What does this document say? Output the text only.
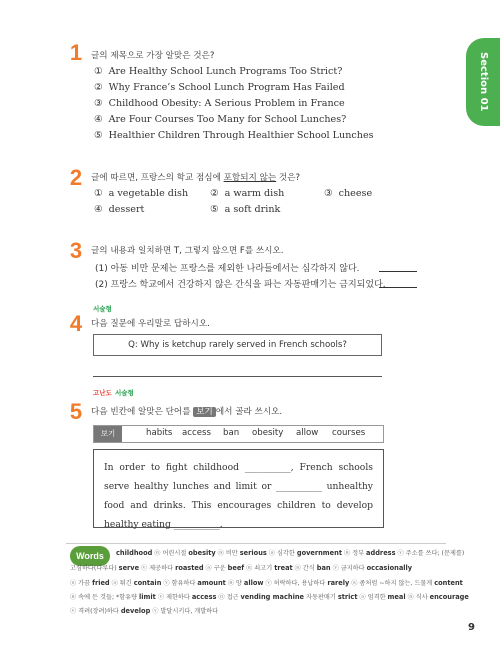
Section 01
1	글의 제목으로 가장 알맞은 것은?
① Are Healthy School Lunch Programs Too Strict?
② Why France’s School Lunch Program Has Failed
③ Childhood Obesity: A Serious Problem in France
④ Are Four Courses Too Many for School Lunches?
⑤ Healthier Children Through Healthier School Lunches
2	글에 따르면, 프랑스의 학교 점심에 포함되지 않는 것은?
① a vegetable dish ② a warm dish	③ cheese
④ dessert	⑤ a soft drink
3	글의 내용과 일치하면 T, 그렇지 않으면 F를 쓰시오.
(1) 아동 비만 문제는 프랑스를 제외한 나라들에서는 심각하지 않다.
(2) 프랑스 학교에서 건강하지 않은 간식을 파는 자동판매기는 금지되었다.
서술형
4	다음 질문에 우리말로 답하시오.
Q: Why is ketchup rarely served in French schools?
고난도 서술형
5	다음 빈칸에 알맞은 단어를 보기 에서 골라 쓰시오.
보기	habits access ban obesity allow courses

In order to fight childhood __________, French schools serve healthy lunches and limit or __________ unhealthy food and drinks. This encourages children to develop healthy eating __________.

Words	childhood ⓝ 어린시절 obesity ⓝ 비만 serious ⓐ 심각한 government ⓝ 정부 address ⓥ 주소를 쓰다; (문제를)
고심하다(다루다) serve ⓥ 제공하다 roasted ⓐ 구운 beef ⓝ 쇠고기 treat ⓝ 간식 ban ⓥ 금지하다 occasionally
ⓐ 가끔 fried ⓐ 튀긴 contain ⓥ 함유하다 amount ⓝ 양 allow ⓥ 허락하다, 용납하다 rarely ⓐ 좀처럼 ~하지 않는, 드물게 content
ⓝ 속에 든 것들; *함유량 limit ⓥ 제한하다 access ⓝ 접근 vending machine 자동판매기 strict ⓐ 엄격한 meal ⓝ 식사 encourage
ⓥ 격려(장려)하다 develop ⓥ 발달시키다, 개발하다
9
